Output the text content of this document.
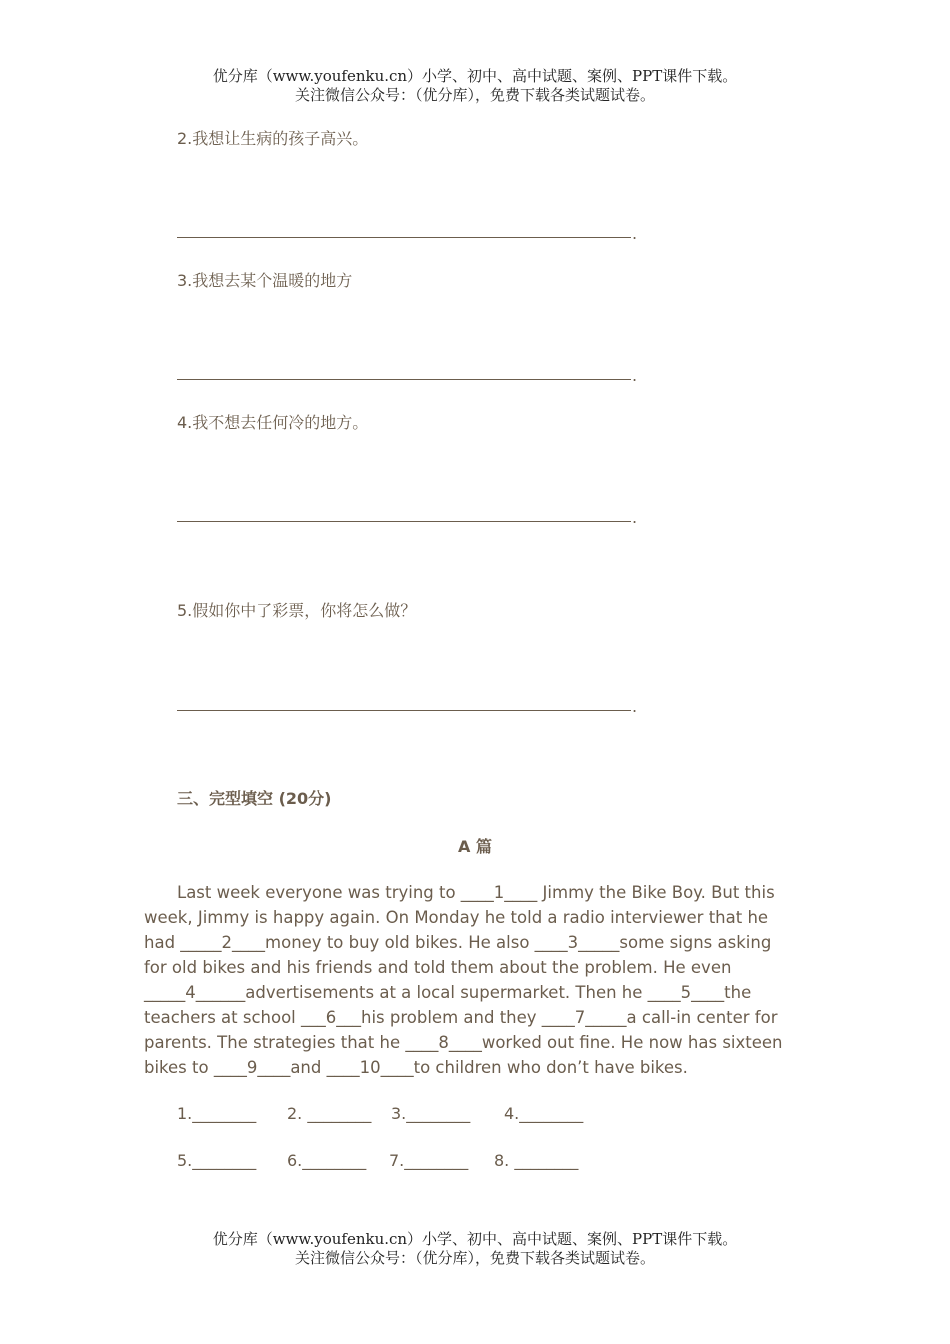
优分库（www.youfenku.cn）小学、初中、高中试题、案例、PPT课件下载。
关注微信公众号：（优分库），免费下载各类试题试卷。
2.我想让生病的孩子高兴。
.
3.我想去某个温暖的地方
.
4.我不想去任何冷的地方。
.
5.假如你中了彩票，你将怎么做？
.
三、完型填空 (20分)
A 篇

Last week everyone was trying to ____1____ Jimmy the Bike Boy. But this week, Jimmy is happy again. On Monday he told a radio interviewer that he had _____2____money to buy old bikes. He also ____3_____some signs asking for old bikes and his friends and told them about the problem. He even _____4______advertisements at a local supermarket. Then he ____5____the teachers at school ___6___his problem and they ____7_____a call-in center for parents. The strategies that he ____8____worked out fine. He now has sixteen bikes to ____9____and ____10____to children who don’t have bikes.

1.________ 2. ________ 3.________ 4.________
5.________ 6.________ 7.________ 8. ________
优分库（www.youfenku.cn）小学、初中、高中试题、案例、PPT课件下载。
关注微信公众号：（优分库），免费下载各类试题试卷。
